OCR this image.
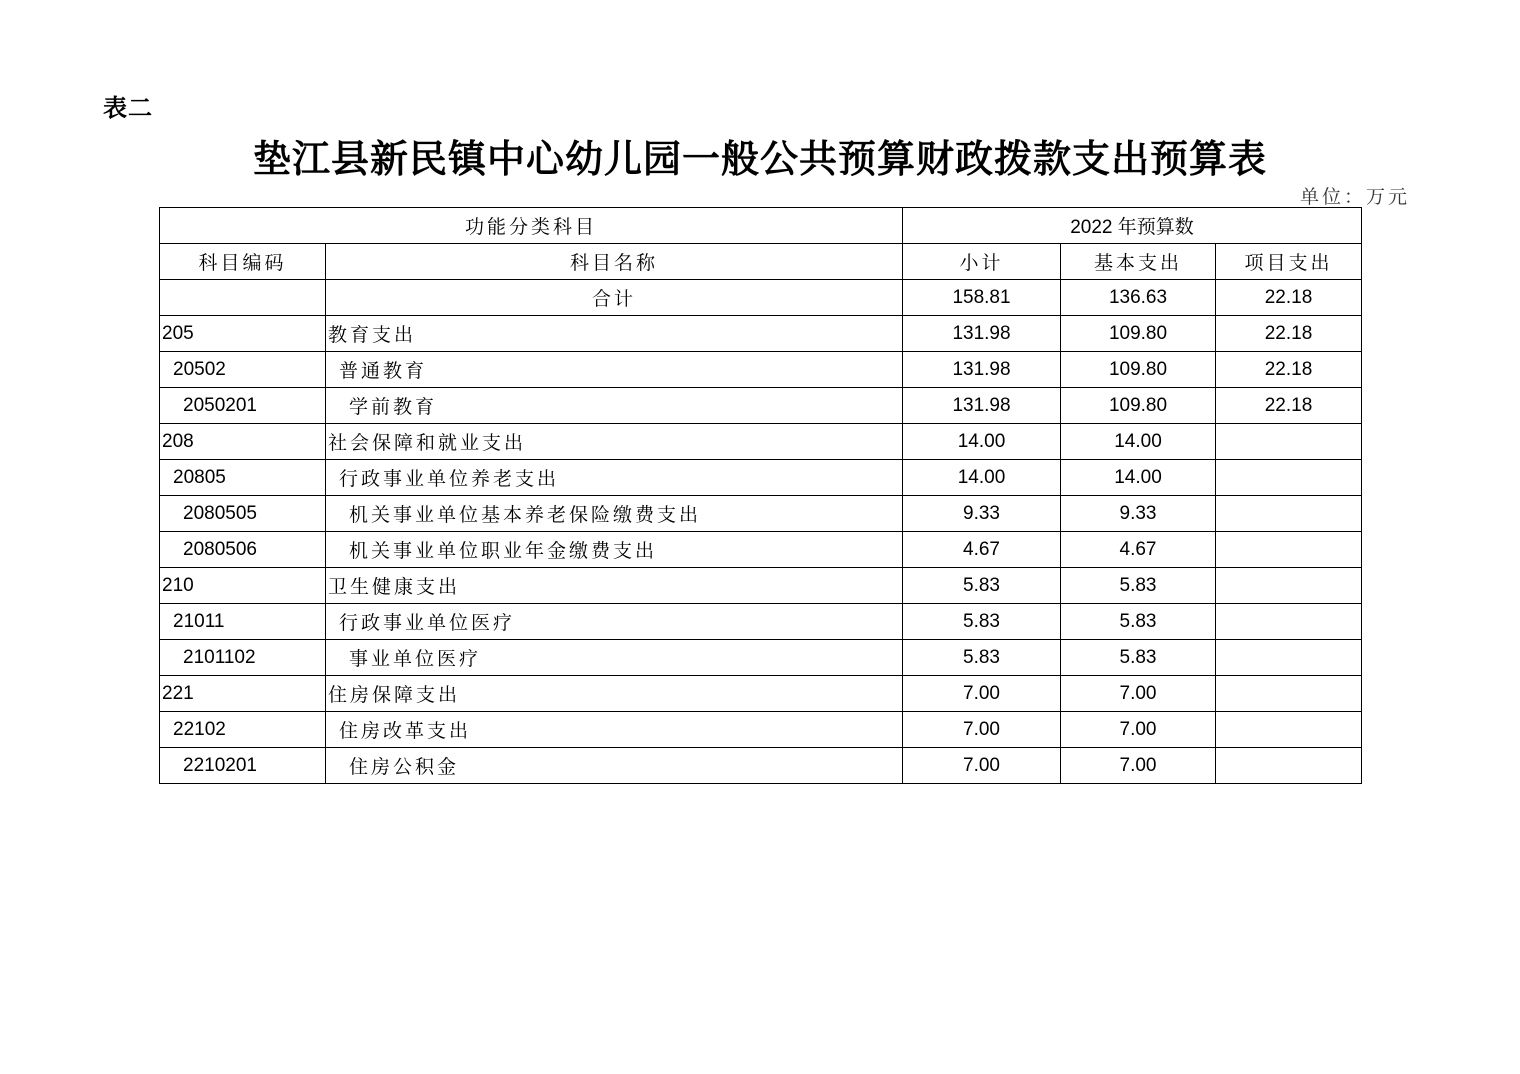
表二
垫江县新民镇中心幼儿园一般公共预算财政拨款支出预算表
单位：万元
功能分类科目		2022 年预算数		
科目编码	科目名称	小计	基本支出	项目支出
	合计	158.81	136.63	22.18
205	教育支出	131.98	109.80	22.18
20502	普通教育	131.98	109.80	22.18
2050201	学前教育	131.98	109.80	22.18
208	社会保障和就业支出	14.00	14.00	
20805	行政事业单位养老支出	14.00	14.00	
2080505	机关事业单位基本养老保险缴费支出	9.33	9.33	
2080506	机关事业单位职业年金缴费支出	4.67	4.67	
210	卫生健康支出	5.83	5.83	
21011	行政事业单位医疗	5.83	5.83	
2101102	事业单位医疗	5.83	5.83	
221	住房保障支出	7.00	7.00	
22102	住房改革支出	7.00	7.00	
2210201	住房公积金	7.00	7.00	
